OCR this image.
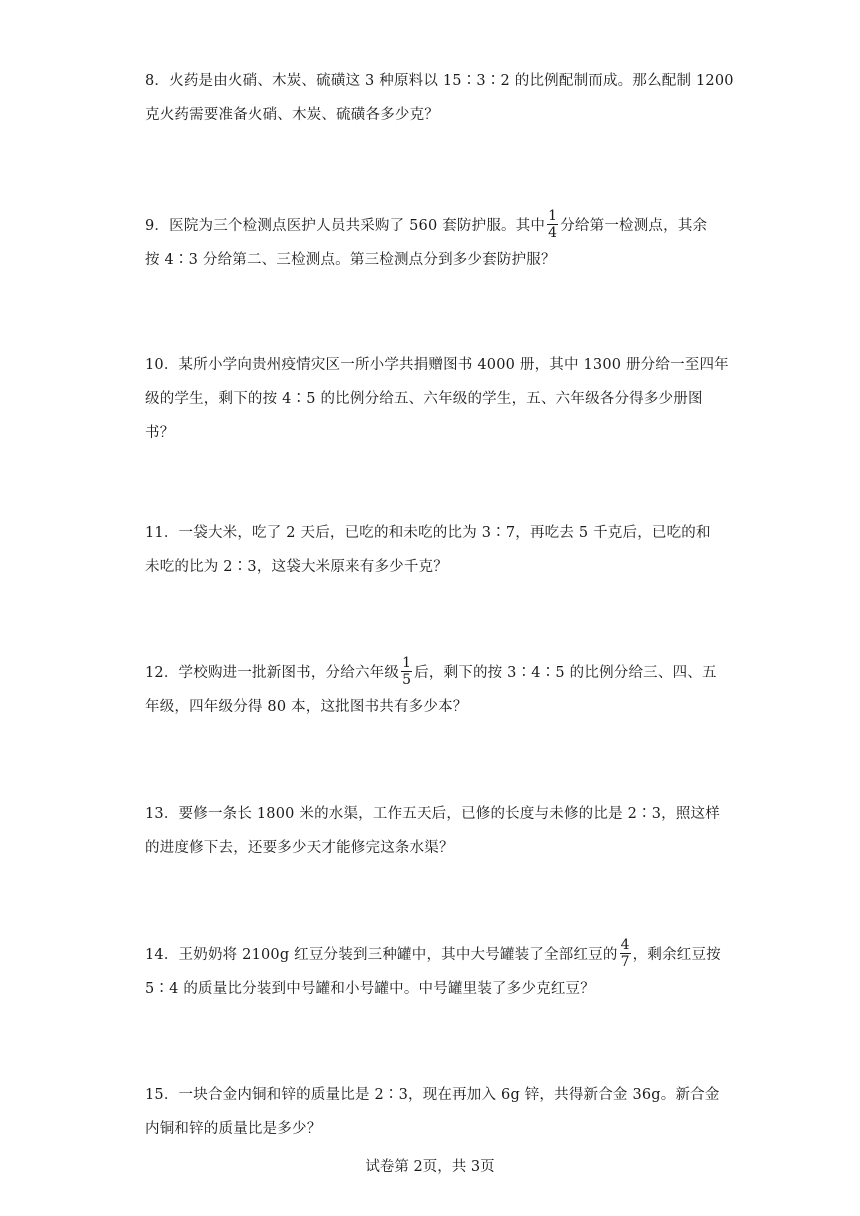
8．火药是由火硝、木炭、硫磺这 3 种原料以 15∶3∶2 的比例配制而成。那么配制 1200
克火药需要准备火硝、木炭、硫磺各多少克？
9．医院为三个检测点医护人员共采购了 560 套防护服。其中 $\frac{1}{4}$ 分给第一检测点，其余
按 4∶3 分给第二、三检测点。第三检测点分到多少套防护服？
10．某所小学向贵州疫情灾区一所小学共捐赠图书 4000 册，其中 1300 册分给一至四年
级的学生，剩下的按 4∶5 的比例分给五、六年级的学生，五、六年级各分得多少册图
书？
11．一袋大米，吃了 2 天后，已吃的和未吃的比为 3∶7，再吃去 5 千克后，已吃的和
未吃的比为 2∶3，这袋大米原来有多少千克？
12．学校购进一批新图书，分给六年级 $\frac{1}{5}$ 后，剩下的按 3∶4∶5 的比例分给三、四、五
年级，四年级分得 80 本，这批图书共有多少本？
13．要修一条长 1800 米的水渠，工作五天后，已修的长度与未修的比是 2∶3，照这样
的进度修下去，还要多少天才能修完这条水渠？
14．王奶奶将 2100g 红豆分装到三种罐中，其中大号罐装了全部红豆的 $\frac{4}{7}$ ，剩余红豆按
5∶4 的质量比分装到中号罐和小号罐中。中号罐里装了多少克红豆？
15．一块合金内铜和锌的质量比是 2∶3，现在再加入 6g 锌，共得新合金 36g。新合金
内铜和锌的质量比是多少？
试卷第 2页，共 3页
